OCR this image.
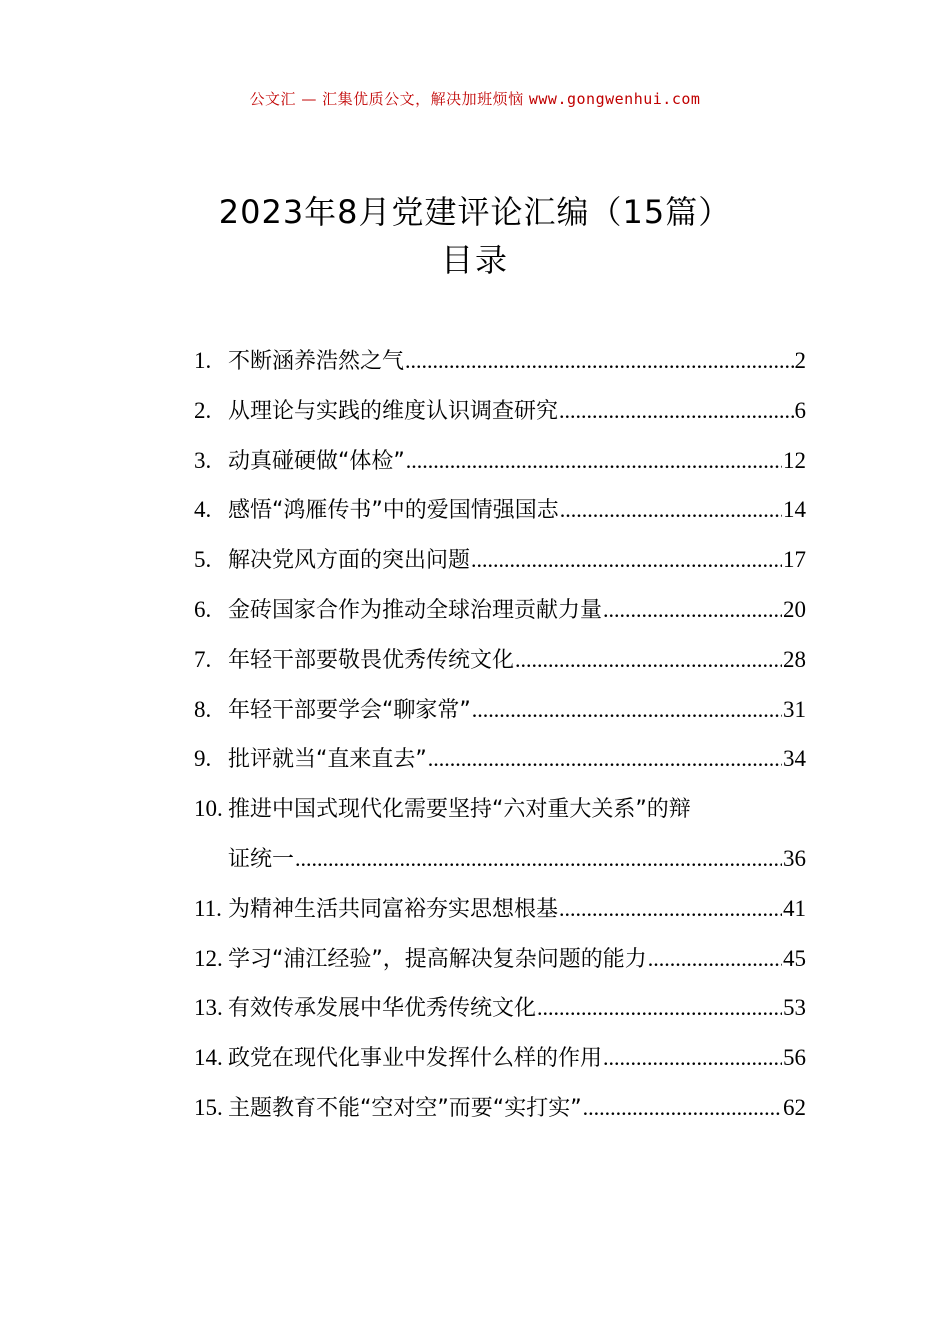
公文汇 — 汇集优质公文，解决加班烦恼 www.gongwenhui.com
2023年8月党建评论汇编（15篇）
目录
1. 不断涵养浩然之气 .....	2
2. 从理论与实践的维度认识调查研究 .....	6
3. 动真碰硬做“体检” .....	12
4. 感悟“鸿雁传书”中的爱国情强国志 .....	14
5. 解决党风方面的突出问题 .....	17
6. 金砖国家合作为推动全球治理贡献力量 .....	20
7. 年轻干部要敬畏优秀传统文化 .....	28
8. 年轻干部要学会“聊家常” .....	31
9. 批评就当“直来直去” .....	34
10. 推进中国式现代化需要坚持“六对重大关系”的辩
证统一 .....	36
11. 为精神生活共同富裕夯实思想根基 .....	41
12. 学习“浦江经验”，提高解决复杂问题的能力 .....	45
13. 有效传承发展中华优秀传统文化 .....	53
14. 政党在现代化事业中发挥什么样的作用 .....	56
15. 主题教育不能“空对空”而要“实打实” .....	62
